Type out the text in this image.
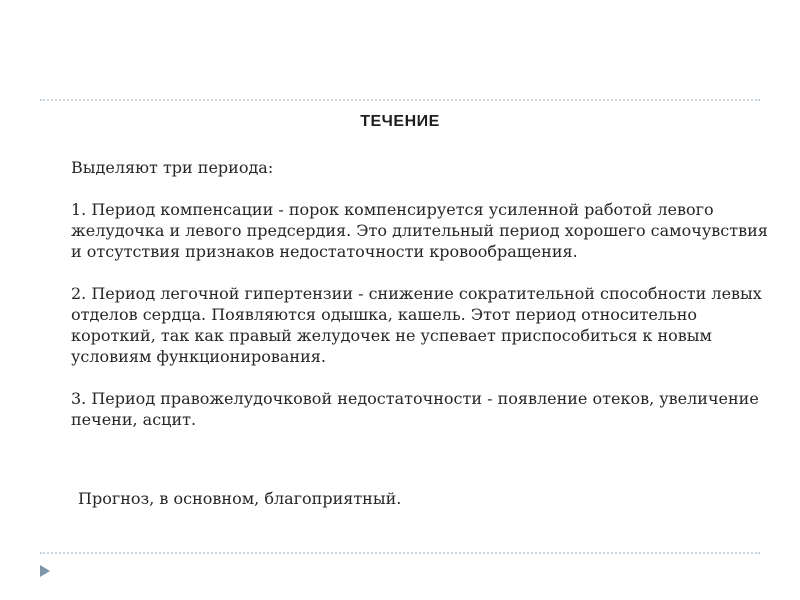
ТЕЧЕНИЕ

Выделяют три периода:

1. Период компенсации - порок компенсируется усиленной работой левого желудочка и левого предсердия. Это длительный период хорошего самочувствия и отсутствия признаков недостаточности кровообращения.

2. Период легочной гипертензии - снижение сократительной способности левых отделов сердца. Появляются одышка, кашель. Этот период относительно короткий, так как правый желудочек не успевает приспособиться к новым условиям функционирования.

3. Период правожелудочковой недостаточности - появление отеков, увеличение печени, асцит.

Прогноз, в основном, благоприятный.
